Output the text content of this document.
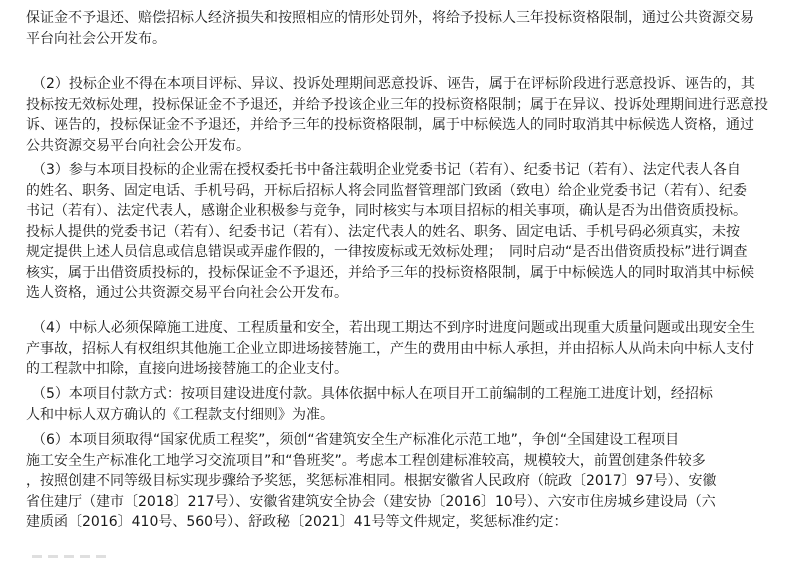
保证金不予退还、赔偿招标人经济损失和按照相应的情形处罚外，将给予投标人三年投标资格限制，通过公共资源交易
平台向社会公开发布。
（2）投标企业不得在本项目评标、异议、投诉处理期间恶意投诉、诬告，属于在评标阶段进行恶意投诉、诬告的，其
投标按无效标处理，投标保证金不予退还，并给予投该企业三年的投标资格限制；属于在异议、投诉处理期间进行恶意投
诉、诬告的，投标保证金不予退还，并给予三年的投标资格限制，属于中标候选人的同时取消其中标候选人资格，通过
公共资源交易平台向社会公开发布。
（3）参与本项目投标的企业需在授权委托书中备注载明企业党委书记（若有）、纪委书记（若有）、法定代表人各自
的姓名、职务、固定电话、手机号码，开标后招标人将会同监督管理部门致函（致电）给企业党委书记（若有）、纪委
书记（若有）、法定代表人，感谢企业积极参与竞争，同时核实与本项目招标的相关事项，确认是否为出借资质投标。
投标人提供的党委书记（若有）、纪委书记（若有）、法定代表人的姓名、职务、固定电话、手机号码必须真实，未按
规定提供上述人员信息或信息错误或弄虚作假的，一律按废标或无效标处理；　同时启动“是否出借资质投标”进行调查
核实，属于出借资质投标的，投标保证金不予退还，并给予三年的投标资格限制，属于中标候选人的同时取消其中标候
选人资格，通过公共资源交易平台向社会公开发布。
（4）中标人必须保障施工进度、工程质量和安全，若出现工期达不到序时进度问题或出现重大质量问题或出现安全生
产事故，招标人有权组织其他施工企业立即进场接替施工，产生的费用由中标人承担，并由招标人从尚未向中标人支付
的工程款中扣除，直接向进场接替施工的企业支付。
（5）本项目付款方式：按项目建设进度付款。具体依据中标人在项目开工前编制的工程施工进度计划，经招标
人和中标人双方确认的《工程款支付细则》为准。
（6）本项目须取得“国家优质工程奖”，须创“省建筑安全生产标准化示范工地”，争创“全国建设工程项目
施工安全生产标准化工地学习交流项目”和“鲁班奖”。考虑本工程创建标准较高，规模较大，前置创建条件较多
，按照创建不同等级目标实现步骤给予奖惩，奖惩标准相同。根据安徽省人民政府（皖政〔2017〕97号）、安徽
省住建厅（建市〔2018〕217号）、安徽省建筑安全协会（建安协〔2016〕10号）、六安市住房城乡建设局（六
建质函〔2016〕410号、560号）、舒政秘〔2021〕41号等文件规定，奖惩标准约定：
